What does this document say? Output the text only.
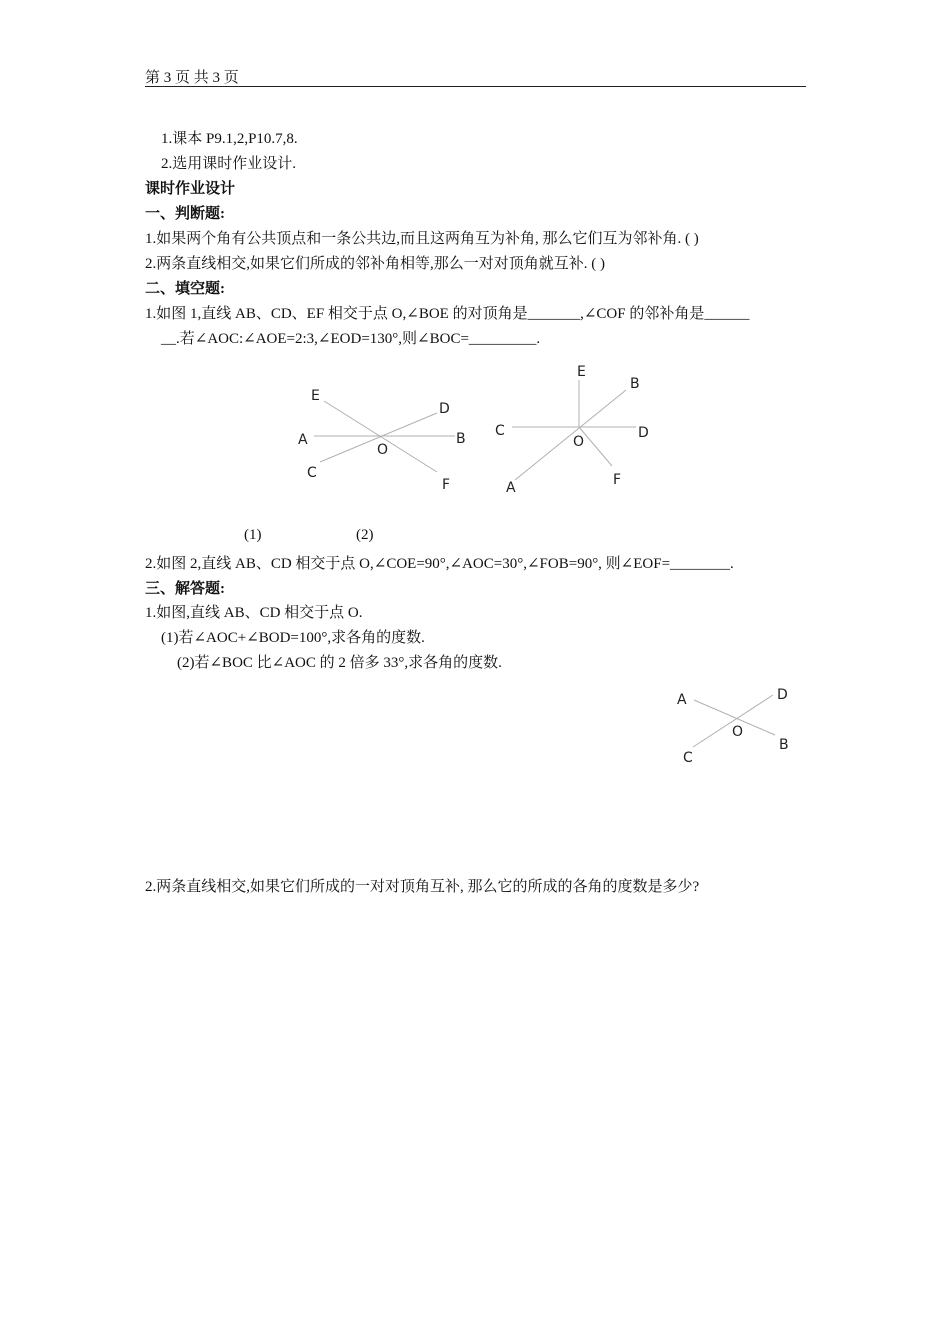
第 3 页 共 3 页
1.课本 P9.1,2,P10.7,8.
2.选用课时作业设计.
课时作业设计
一、判断题:
1.如果两个角有公共顶点和一条公共边,而且这两角互为补角, 那么它们互为邻补角. ( )
2.两条直线相交,如果它们所成的邻补角相等,那么一对对顶角就互补. ( )
二、填空题:
1.如图 1,直线 AB、CD、EF 相交于点 O,∠BOE 的对顶角是_______,∠COF 的邻补角是______
__.若∠AOC:∠AOE=2:3,∠EOD=130°,则∠BOC=_________.
E
D
A	B
O
C
F
E
B
C	D
O
A	F
(1)	(2)
2.如图 2,直线 AB、CD 相交于点 O,∠COE=90°,∠AOC=30°,∠FOB=90°, 则∠EOF=________.
三、解答题:
1.如图,直线 AB、CD 相交于点 O.
(1)若∠AOC+∠BOD=100°,求各角的度数.
(2)若∠BOC 比∠AOC 的 2 倍多 33°,求各角的度数.
A	D
O
B
C
2.两条直线相交,如果它们所成的一对对顶角互补, 那么它的所成的各角的度数是多少?
